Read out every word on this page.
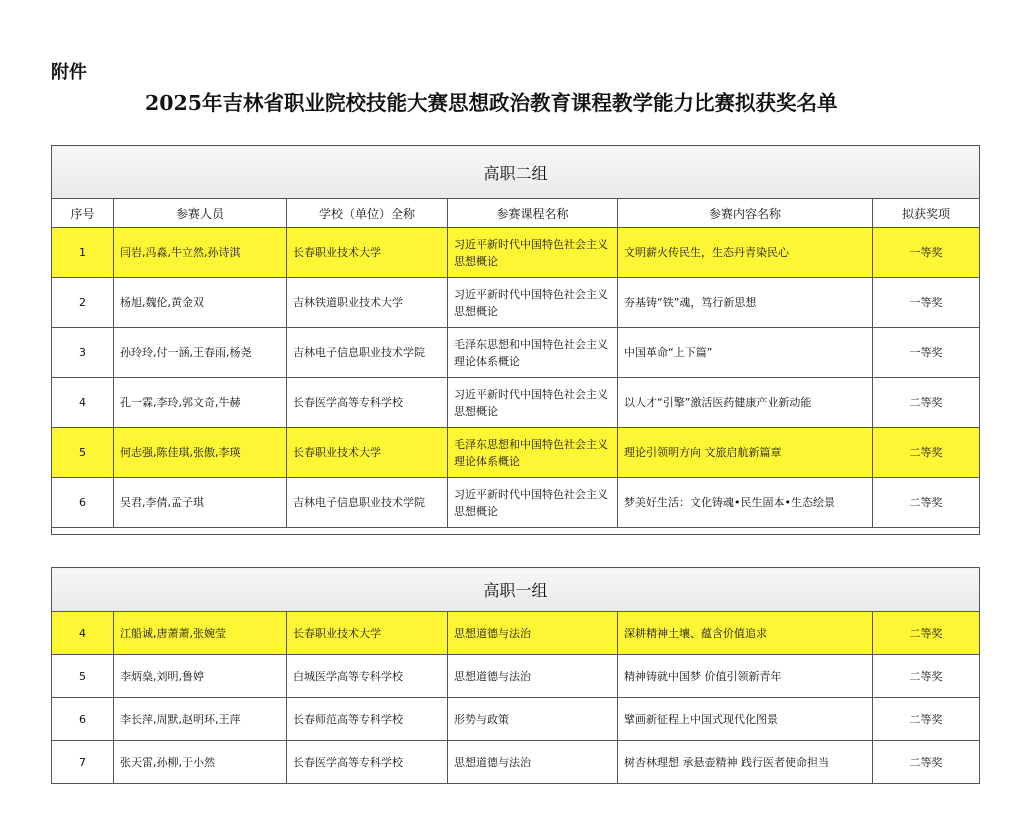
附件
2025年吉林省职业院校技能大赛思想政治教育课程教学能力比赛拟获奖名单
高职二组					
序号	参赛人员	学校（单位）全称	参赛课程名称	参赛内容名称	拟获奖项
1	闫岩,冯淼,牛立然,孙诗淇	长春职业技术大学	习近平新时代中国特色社会主义思想概论	文明薪火传民生，生态丹青染民心	一等奖
2	杨旭,魏伦,黄金双	吉林铁道职业技术大学	习近平新时代中国特色社会主义思想概论	夯基铸“铁”魂，笃行新思想	一等奖
3	孙玲玲,付一涵,王春雨,杨尧	吉林电子信息职业技术学院	毛泽东思想和中国特色社会主义理论体系概论	中国革命“上下篇”	一等奖
4	孔一霖,李玲,郭文奇,牛赫	长春医学高等专科学校	习近平新时代中国特色社会主义思想概论	以人才“引擎”激活医药健康产业新动能	二等奖
5	何志强,陈佳琪,张傲,李瑛	长春职业技术大学	毛泽东思想和中国特色社会主义理论体系概论	理论引领明方向 文旅启航新篇章	二等奖
6	吴君,李倩,孟子琪	吉林电子信息职业技术学院	习近平新时代中国特色社会主义思想概论	梦美好生活：文化铸魂•民生固本•生态绘景	二等奖

高职一组					
4	江船诚,唐萧萧,张婉莹	长春职业技术大学	思想道德与法治	深耕精神土壤、蕴含价值追求	二等奖
5	李炳燊,刘明,鲁婷	白城医学高等专科学校	思想道德与法治	精神铸就中国梦 价值引领新青年	二等奖
6	李长萍,周默,赵明环,王萍	长春师范高等专科学校	形势与政策	擘画新征程上中国式现代化图景	二等奖
7	张天雷,孙柳,于小然	长春医学高等专科学校	思想道德与法治	树杏林理想 承悬壶精神 践行医者使命担当	二等奖
